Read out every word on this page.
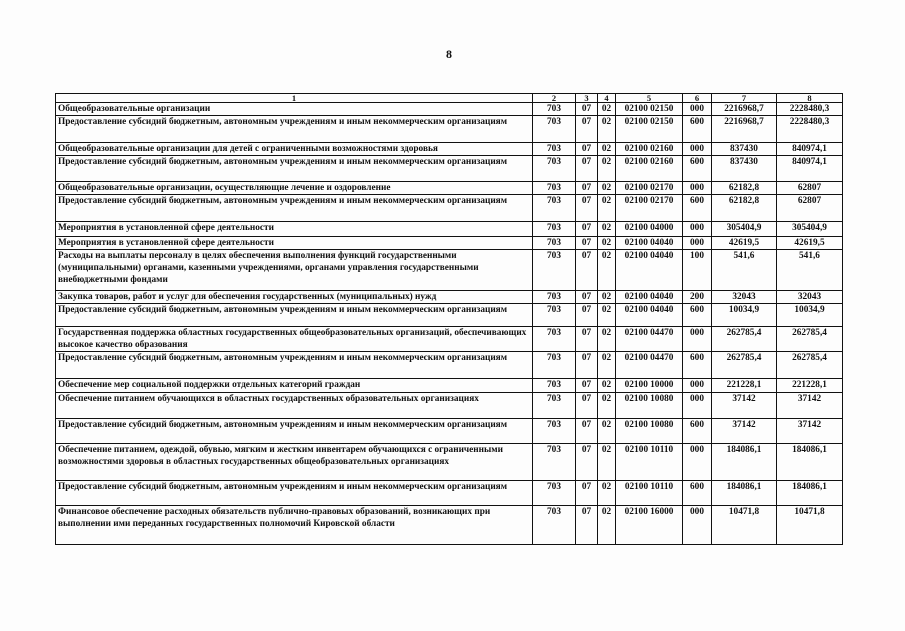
8
1	2	3	4	5	6	7	8
Общеобразовательные организации	703	07	02	02100 02150	000	2216968,7	2228480,3
Предоставление субсидий бюджетным, автономным учреждениям и иным некоммерческим организациям	703	07	02	02100 02150	600	2216968,7	2228480,3
Общеобразовательные организации для детей с ограниченными возможностями здоровья	703	07	02	02100 02160	000	837430	840974,1
Предоставление субсидий бюджетным, автономным учреждениям и иным некоммерческим организациям	703	07	02	02100 02160	600	837430	840974,1
Общеобразовательные организации, осуществляющие лечение и оздоровление	703	07	02	02100 02170	000	62182,8	62807
Предоставление субсидий бюджетным, автономным учреждениям и иным некоммерческим организациям	703	07	02	02100 02170	600	62182,8	62807
Мероприятия в установленной сфере деятельности	703	07	02	02100 04000	000	305404,9	305404,9
Мероприятия в установленной сфере деятельности	703	07	02	02100 04040	000	42619,5	42619,5
Расходы на выплаты персоналу в целях обеспечения выполнения функций государственными (муниципальными) органами, казенными учреждениями, органами управления государственными внебюджетными фондами	703	07	02	02100 04040	100	541,6	541,6
Закупка товаров, работ и услуг для обеспечения государственных (муниципальных) нужд	703	07	02	02100 04040	200	32043	32043
Предоставление субсидий бюджетным, автономным учреждениям и иным некоммерческим организациям	703	07	02	02100 04040	600	10034,9	10034,9
Государственная поддержка областных государственных общеобразовательных организаций, обеспечивающих высокое качество образования	703	07	02	02100 04470	000	262785,4	262785,4
Предоставление субсидий бюджетным, автономным учреждениям и иным некоммерческим организациям	703	07	02	02100 04470	600	262785,4	262785,4
Обеспечение мер социальной поддержки отдельных категорий граждан	703	07	02	02100 10000	000	221228,1	221228,1
Обеспечение питанием обучающихся в областных государственных образовательных организациях	703	07	02	02100 10080	000	37142	37142
Предоставление субсидий бюджетным, автономным учреждениям и иным некоммерческим организациям	703	07	02	02100 10080	600	37142	37142
Обеспечение питанием, одеждой, обувью, мягким и жестким инвентарем обучающихся с ограниченными возможностями здоровья в областных государственных общеобразовательных организациях	703	07	02	02100 10110	000	184086,1	184086,1
Предоставление субсидий бюджетным, автономным учреждениям и иным некоммерческим организациям	703	07	02	02100 10110	600	184086,1	184086,1
Финансовое обеспечение расходных обязательств публично-правовых образований, возникающих при выполнении ими переданных государственных полномочий Кировской области	703	07	02	02100 16000	000	10471,8	10471,8
